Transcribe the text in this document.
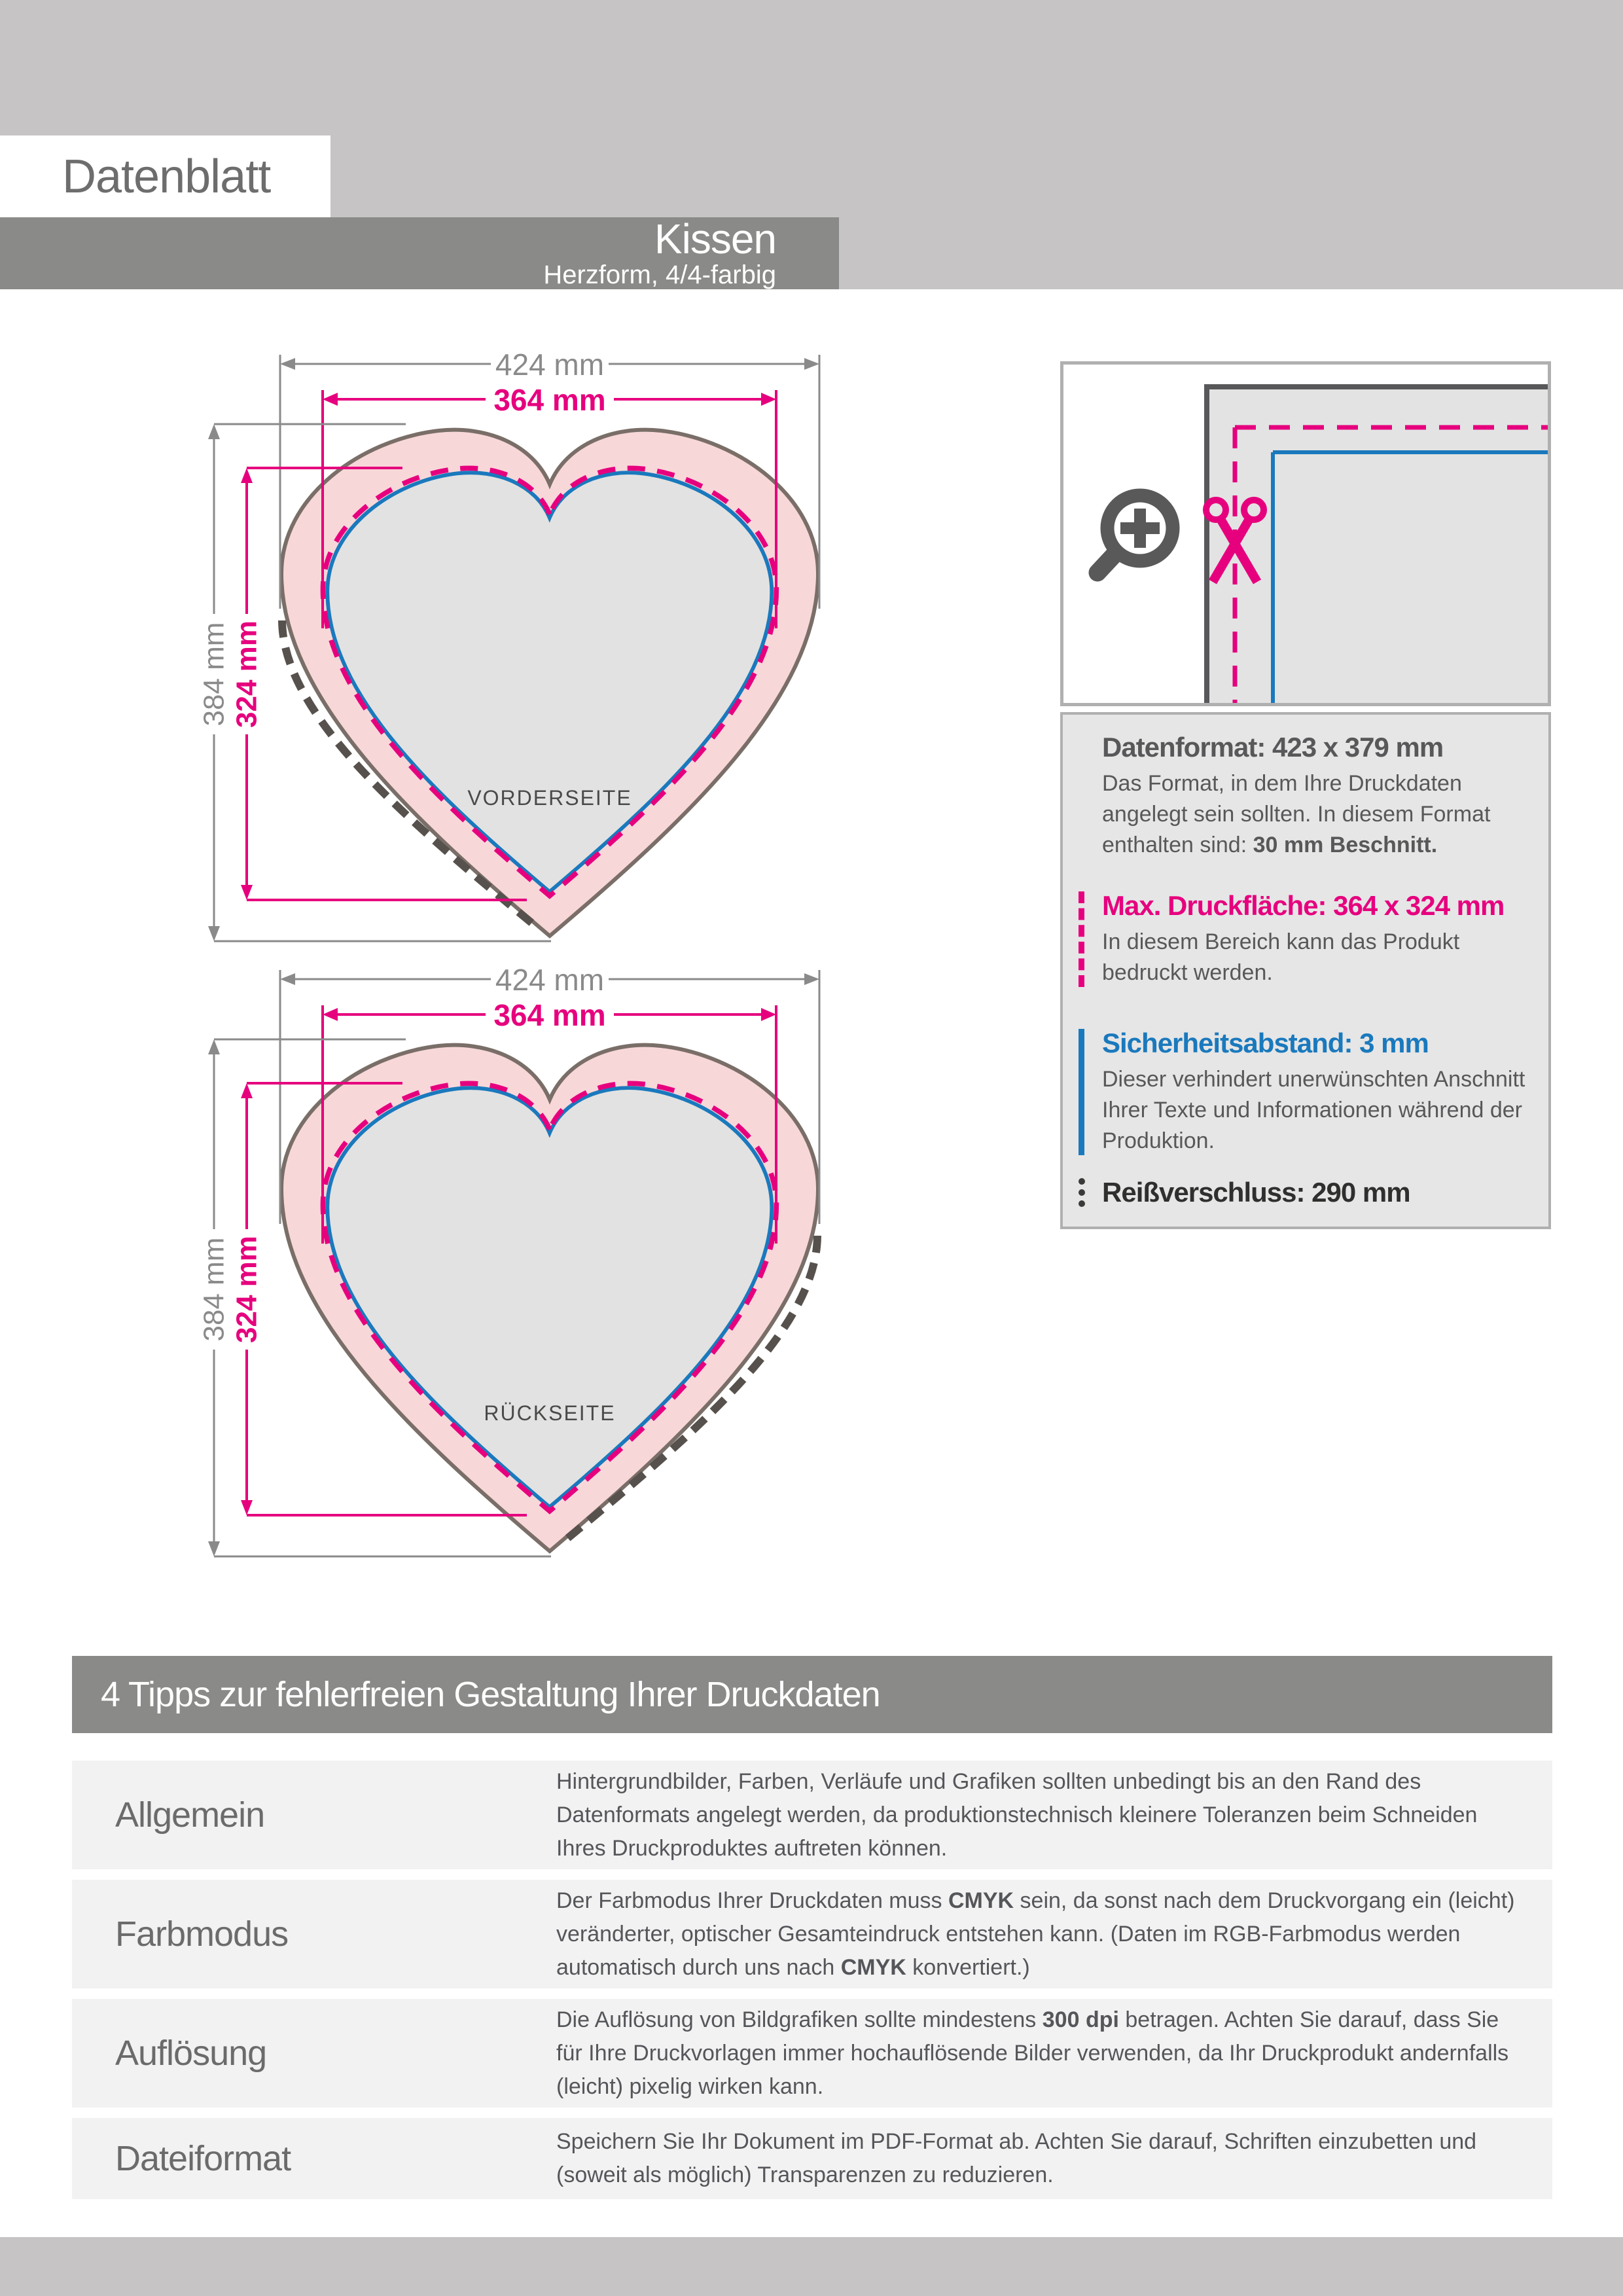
Datenblatt
Kissen
Herzform, 4/4-farbig
424 mm
364 mm
384 mm 324 mm
VORDERSEITE
424 mm
364 mm
384 mm 324 mm
RÜCKSEITE

Datenformat: 423 x 379 mm

Das Format, in dem Ihre Druckdaten angelegt sein sollten. In diesem Format enthalten sind: 30 mm Beschnitt.

Max. Druckfläche: 364 x 324 mm

In diesem Bereich kann das Produkt bedruckt werden.

Sicherheitsabstand: 3 mm

Dieser verhindert unerwünschten Anschnitt Ihrer Texte und Informationen während der Produktion.

Reißverschluss: 290 mm

4 Tipps zur fehlerfreien Gestaltung Ihrer Druckdaten
Allgemein
Hintergrundbilder, Farben, Verläufe und Grafiken sollten unbedingt bis an den Rand des Datenformats angelegt werden, da produktionstechnisch kleinere Toleranzen beim Schneiden Ihres Druckproduktes auftreten können.
Farbmodus
Der Farbmodus Ihrer Druckdaten muss CMYK sein, da sonst nach dem Druckvorgang ein (leicht) veränderter, optischer Gesamteindruck entstehen kann. (Daten im RGB-Farbmodus werden automatisch durch uns nach CMYK konvertiert.)
Auflösung
Die Auflösung von Bildgrafiken sollte mindestens 300 dpi betragen. Achten Sie darauf, dass Sie für Ihre Druckvorlagen immer hochauflösende Bilder verwenden, da Ihr Druckprodukt andernfalls (leicht) pixelig wirken kann.
Dateiformat	Speichern Sie Ihr Dokument im PDF-Format ab. Achten Sie darauf, Schriften einzubetten und (soweit als möglich) Transparenzen zu reduzieren.
